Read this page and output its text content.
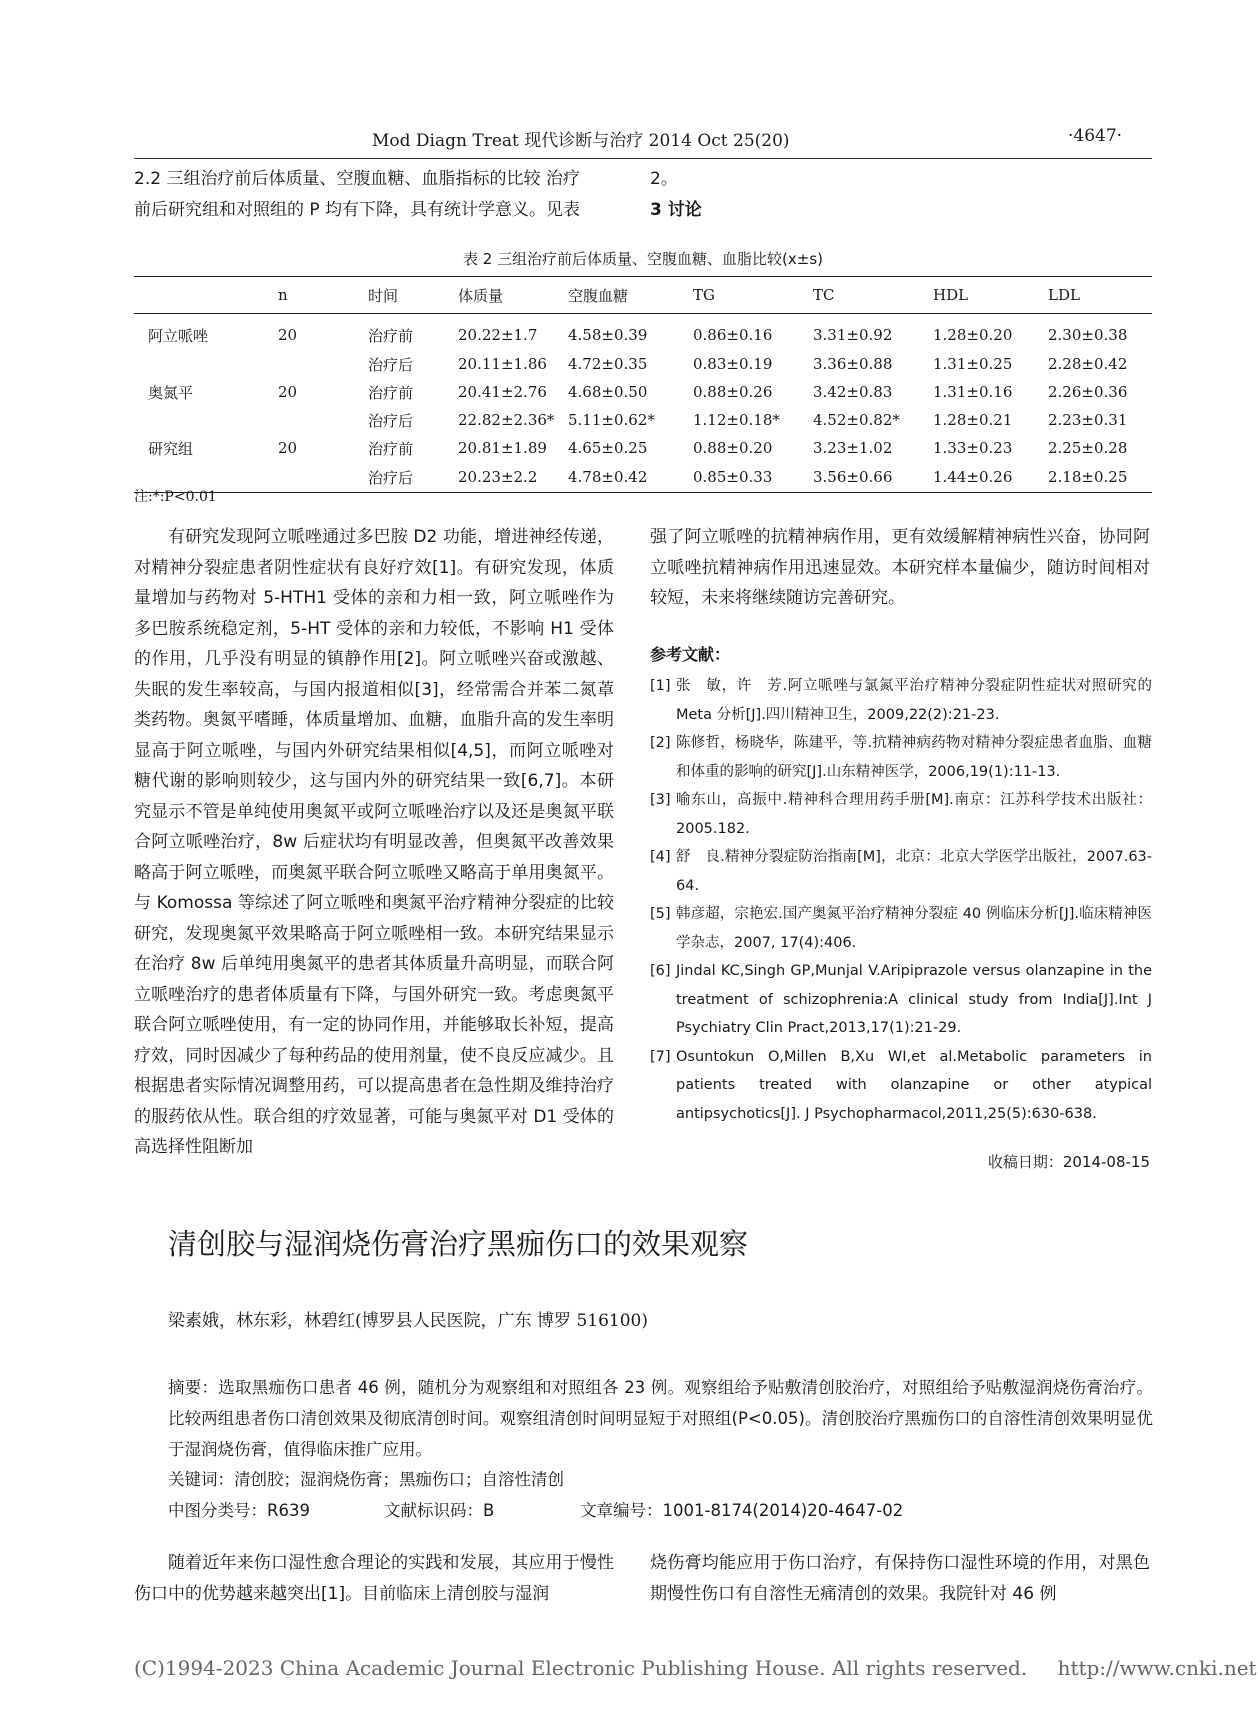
Mod Diagn Treat 现代诊断与治疗 2014 Oct 25(20)	·4647·
2.2 三组治疗前后体质量、空腹血糖、血脂指标的比较 治疗
前后研究组和对照组的 P 均有下降，具有统计学意义。见表
2。
3 讨论
表 2 三组治疗前后体质量、空腹血糖、血脂比较(x±s)
	n	时间	体质量	空腹血糖	TG	TC	HDL	LDL
阿立哌唑	20	治疗前	20.22±1.7	4.58±0.39	0.86±0.16	3.31±0.92	1.28±0.20	2.30±0.38
		治疗后	20.11±1.86	4.72±0.35	0.83±0.19	3.36±0.88	1.31±0.25	2.28±0.42
奥氮平	20	治疗前	20.41±2.76	4.68±0.50	0.88±0.26	3.42±0.83	1.31±0.16	2.26±0.36
		治疗后	22.82±2.36*	5.11±0.62*	1.12±0.18*	4.52±0.82*	1.28±0.21	2.23±0.31
研究组	20	治疗前	20.81±1.89	4.65±0.25	0.88±0.20	3.23±1.02	1.33±0.23	2.25±0.28
		治疗后	20.23±2.2	4.78±0.42	0.85±0.33	3.56±0.66	1.44±0.26	2.18±0.25
注:*:P<0.01

有研究发现阿立哌唑通过多巴胺 D2 功能，增进神经传递，对精神分裂症患者阴性症状有良好疗效[1]。有研究发现，体质量增加与药物对 5-HTH1 受体的亲和力相一致，阿立哌唑作为多巴胺系统稳定剂，5-HT 受体的亲和力较低，不影响 H1 受体的作用，几乎没有明显的镇静作用[2]。阿立哌唑兴奋或激越、失眠的发生率较高，与国内报道相似[3]，经常需合并苯二氮䓬类药物。奥氮平嗜睡，体质量增加、血糖，血脂升高的发生率明显高于阿立哌唑，与国内外研究结果相似[4,5]，而阿立哌唑对糖代谢的影响则较少，这与国内外的研究结果一致[6,7]。本研究显示不管是单纯使用奥氮平或阿立哌唑治疗以及还是奥氮平联合阿立哌唑治疗，8w 后症状均有明显改善，但奥氮平改善效果略高于阿立哌唑，而奥氮平联合阿立哌唑又略高于单用奥氮平。与 Komossa 等综述了阿立哌唑和奥氮平治疗精神分裂症的比较研究，发现奥氮平效果略高于阿立哌唑相一致。本研究结果显示在治疗 8w 后单纯用奥氮平的患者其体质量升高明显，而联合阿立哌唑治疗的患者体质量有下降，与国外研究一致。考虑奥氮平联合阿立哌唑使用，有一定的协同作用，并能够取长补短，提高疗效，同时因减少了每种药品的使用剂量，使不良反应减少。且根据患者实际情况调整用药，可以提高患者在急性期及维持治疗的服药依从性。联合组的疗效显著，可能与奥氮平对 D1 受体的高选择性阻断加

强了阿立哌唑的抗精神病作用，更有效缓解精神病性兴奋，协同阿立哌唑抗精神病作用迅速显效。本研究样本量偏少，随访时间相对较短，未来将继续随访完善研究。

参考文献：
[1] 张　敏，许　芳.阿立哌唑与氯氮平治疗精神分裂症阴性症状对照研究的 Meta 分析[J].四川精神卫生，2009,22(2):21-23.
[2] 陈修哲，杨晓华，陈建平，等.抗精神病药物对精神分裂症患者血脂、血糖和体重的影响的研究[J].山东精神医学，2006,19(1):11-13.
[3] 喻东山，高振中.精神科合理用药手册[M].南京：江苏科学技术出版社：2005.182.
[4] 舒　良.精神分裂症防治指南[M]，北京：北京大学医学出版社，2007.63-64.
[5] 韩彦超，宗艳宏.国产奥氮平治疗精神分裂症 40 例临床分析[J].临床精神医学杂志，2007, 17(4):406.
[6] Jindal KC,Singh GP,Munjal V.Aripiprazole versus olanzapine in the treatment of schizophrenia:A clinical study from India[J].Int J Psychiatry Clin Pract,2013,17(1):21-29.
[7] Osuntokun O,Millen B,Xu WI,et al.Metabolic parameters in patients treated with olanzapine or other atypical antipsychotics[J]. J Psychopharmacol,2011,25(5):630-638.
收稿日期：2014-08-15
清创胶与湿润烧伤膏治疗黑痂伤口的效果观察
梁素娥，林东彩，林碧红(博罗县人民医院，广东 博罗 516100)
摘要：选取黑痂伤口患者 46 例，随机分为观察组和对照组各 23 例。观察组给予贴敷清创胶治疗，对照组给予贴敷湿润烧伤膏治疗。比较两组患者伤口清创效果及彻底清创时间。观察组清创时间明显短于对照组(P<0.05)。清创胶治疗黑痂伤口的自溶性清创效果明显优于湿润烧伤膏，值得临床推广应用。
关键词：清创胶；湿润烧伤膏；黑痂伤口；自溶性清创
中图分类号：R639	文献标识码：B	文章编号：1001-8174(2014)20-4647-02

随着近年来伤口湿性愈合理论的实践和发展，其应用于慢性伤口中的优势越来越突出[1]。目前临床上清创胶与湿润

烧伤膏均能应用于伤口治疗，有保持伤口湿性环境的作用，对黑色期慢性伤口有自溶性无痛清创的效果。我院针对 46 例

(C)1994-2023 China Academic Journal Electronic Publishing House. All rights reserved. http://www.cnki.net
